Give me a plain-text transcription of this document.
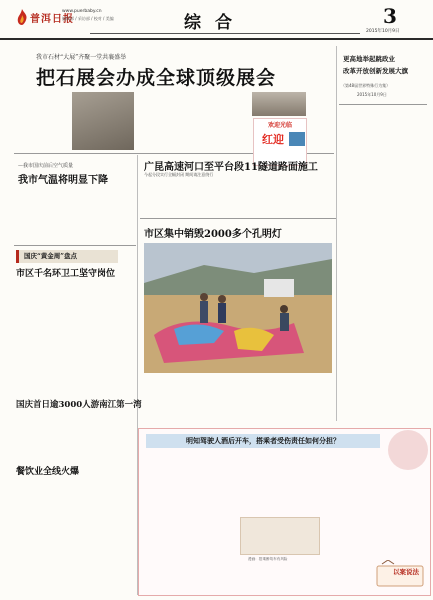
普洱日报
www.puerbaby.cn
编辑部 / 采访部 / 校对 / 美编	综合	3
2015年10月9日
我市石材“大展”齐聚一堂共襄盛举
把石展会办成全球顶级展会
欢迎光临
红迎
更高地举起跳政业
改革开放创新发展大旗
（第48届世界特殊行为集）
2015年10月9日
—我市国庆前后空气质量
我市气温将明显下降
广昆高速河口至平台段11隧道路面施工
今起分段实行全幅封闭 期间请注意绕行
国庆“黄金周”盘点
市区千名环卫工坚守岗位
国庆首日逾3000人游南江第一湾
餐饮业全线火爆
市区集中销毁2000多个孔明灯
明知驾驶人酒后开车，搭乘者受伤责任如何分担？
漫画：搭乘醉驾车有风险
以案说法
